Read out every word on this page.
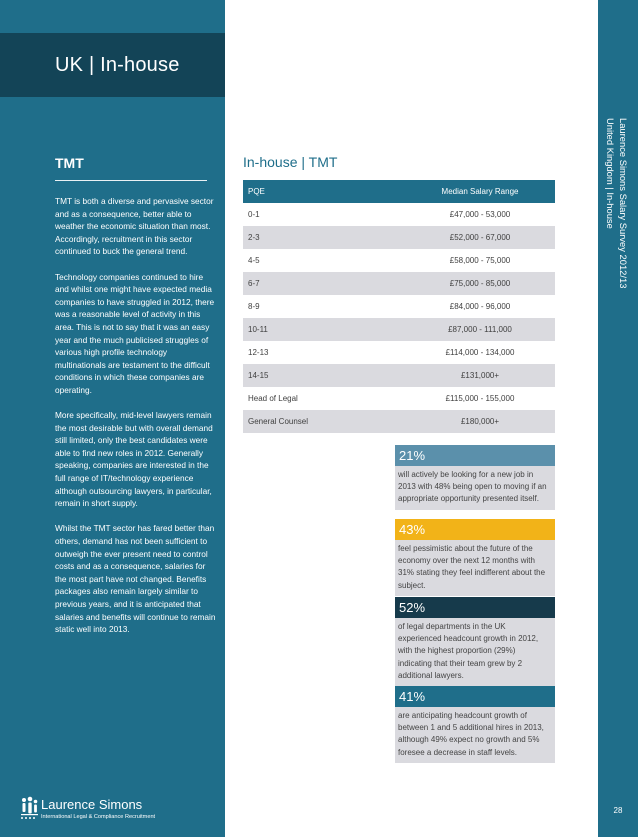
UK | In-house
TMT

TMT is both a diverse and pervasive sector and as a consequence, better able to weather the economic situation than most. Accordingly, recruitment in this sector continued to buck the general trend.

Technology companies continued to hire and whilst one might have expected media companies to have struggled in 2012, there was a reasonable level of activity in this area. This is not to say that it was an easy year and the much publicised struggles of various high profile technology multinationals are testament to the difficult conditions in which these companies are operating.

More specifically, mid-level lawyers remain the most desirable but with overall demand still limited, only the best candidates were able to find new roles in 2012. Generally speaking, companies are interested in the full range of IT/technology experience although outsourcing lawyers, in particular, remain in short supply.

Whilst the TMT sector has fared better than others, demand has not been sufficient to outweigh the ever present need to control costs and as a consequence, salaries for the most part have not changed. Benefits packages also remain largely similar to previous years, and it is anticipated that salaries and benefits will continue to remain static well into 2013.

Laurence Simons
International Legal & Compliance Recruitment
Laurence Simons Salary Survey 2012/13
United Kingdom | In-house
28
In-house | TMT
PQE	Median Salary Range
0-1	£47,000 - 53,000
2-3	£52,000 - 67,000
4-5	£58,000 - 75,000
6-7	£75,000 - 85,000
8-9	£84,000 - 96,000
10-11	£87,000 - 111,000
12-13	£114,000 - 134,000
14-15	£131,000+
Head of Legal	£115,000 - 155,000
General Counsel	£180,000+
21%
will actively be looking for a new job in 2013 with 48% being open to moving if an appropriate opportunity presented itself.
43%
feel pessimistic about the future of the economy over the next 12 months with 31% stating they feel indifferent about the subject.
52%
of legal departments in the UK experienced headcount growth in 2012, with the highest proportion (29%) indicating that their team grew by 2 additional lawyers.
41%
are anticipating headcount growth of between 1 and 5 additional hires in 2013, although 49% expect no growth and 5% foresee a decrease in staff levels.
